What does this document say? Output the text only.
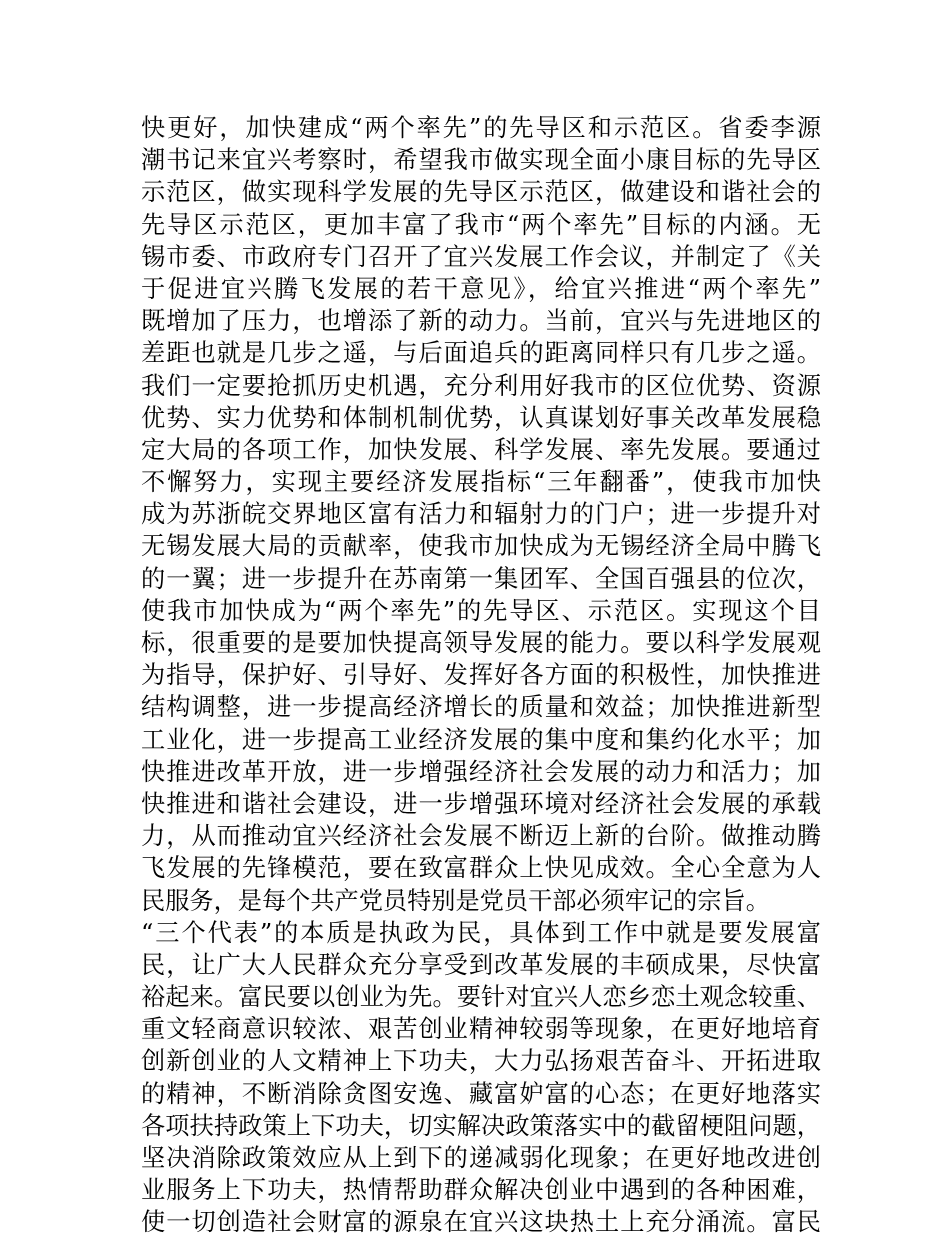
快更好，加快建成“两个率先”的先导区和示范区。省委李源
潮书记来宜兴考察时，希望我市做实现全面小康目标的先导区
示范区，做实现科学发展的先导区示范区，做建设和谐社会的
先导区示范区，更加丰富了我市“两个率先”目标的内涵。无
锡市委、市政府专门召开了宜兴发展工作会议，并制定了《关
于促进宜兴腾飞发展的若干意见》，给宜兴推进“两个率先”
既增加了压力，也增添了新的动力。当前，宜兴与先进地区的
差距也就是几步之遥，与后面追兵的距离同样只有几步之遥。
我们一定要抢抓历史机遇，充分利用好我市的区位优势、资源
优势、实力优势和体制机制优势，认真谋划好事关改革发展稳
定大局的各项工作，加快发展、科学发展、率先发展。要通过
不懈努力，实现主要经济发展指标“三年翻番”，使我市加快
成为苏浙皖交界地区富有活力和辐射力的门户；进一步提升对
无锡发展大局的贡献率，使我市加快成为无锡经济全局中腾飞
的一翼；进一步提升在苏南第一集团军、全国百强县的位次，
使我市加快成为“两个率先”的先导区、示范区。实现这个目
标，很重要的是要加快提高领导发展的能力。要以科学发展观
为指导，保护好、引导好、发挥好各方面的积极性，加快推进
结构调整，进一步提高经济增长的质量和效益；加快推进新型
工业化，进一步提高工业经济发展的集中度和集约化水平；加
快推进改革开放，进一步增强经济社会发展的动力和活力；加
快推进和谐社会建设，进一步增强环境对经济社会发展的承载
力，从而推动宜兴经济社会发展不断迈上新的台阶。做推动腾
飞发展的先锋模范，要在致富群众上快见成效。全心全意为人
民服务，是每个共产党员特别是党员干部必须牢记的宗旨。
“三个代表”的本质是执政为民，具体到工作中就是要发展富
民，让广大人民群众充分享受到改革发展的丰硕成果，尽快富
裕起来。富民要以创业为先。要针对宜兴人恋乡恋土观念较重、
重文轻商意识较浓、艰苦创业精神较弱等现象，在更好地培育
创新创业的人文精神上下功夫，大力弘扬艰苦奋斗、开拓进取
的精神，不断消除贪图安逸、藏富妒富的心态；在更好地落实
各项扶持政策上下功夫，切实解决政策落实中的截留梗阻问题，
坚决消除政策效应从上到下的递减弱化现象；在更好地改进创
业服务上下功夫，热情帮助群众解决创业中遇到的各种困难，
使一切创造社会财富的源泉在宜兴这块热土上充分涌流。富民
